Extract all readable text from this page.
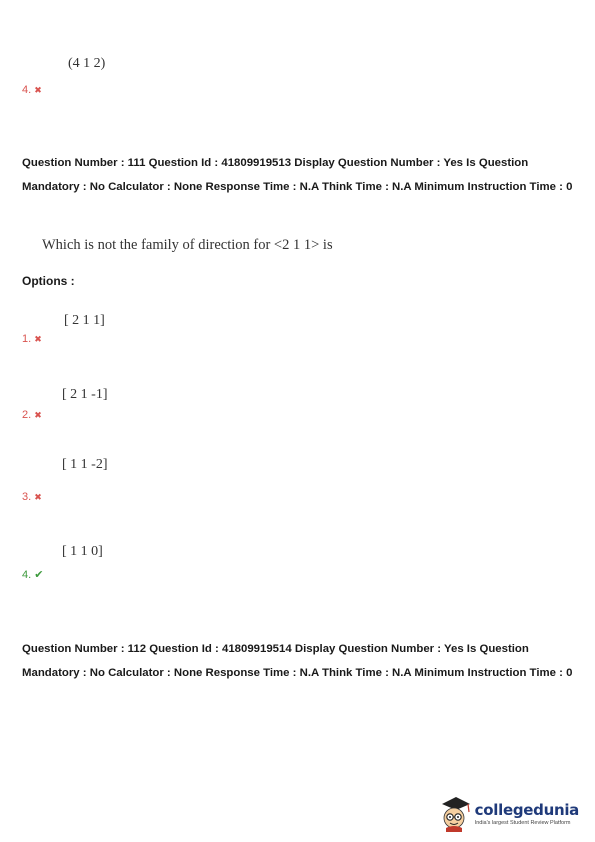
(4 1 2)
4. ✖
Question Number : 111 Question Id : 41809919513 Display Question Number : Yes Is Question Mandatory : No Calculator : None Response Time : N.A Think Time : N.A Minimum Instruction Time : 0
Which is not the family of direction for <2 1 1> is
Options :
[ 2 1 1]
1. ✖
[ 2 1 -1]
2. ✖
[ 1 1 -2]
3. ✖
[ 1 1 0]
4. ✔
Question Number : 112 Question Id : 41809919514 Display Question Number : Yes Is Question Mandatory : No Calculator : None Response Time : N.A Think Time : N.A Minimum Instruction Time : 0
collegedunia
India's largest Student Review Platform
